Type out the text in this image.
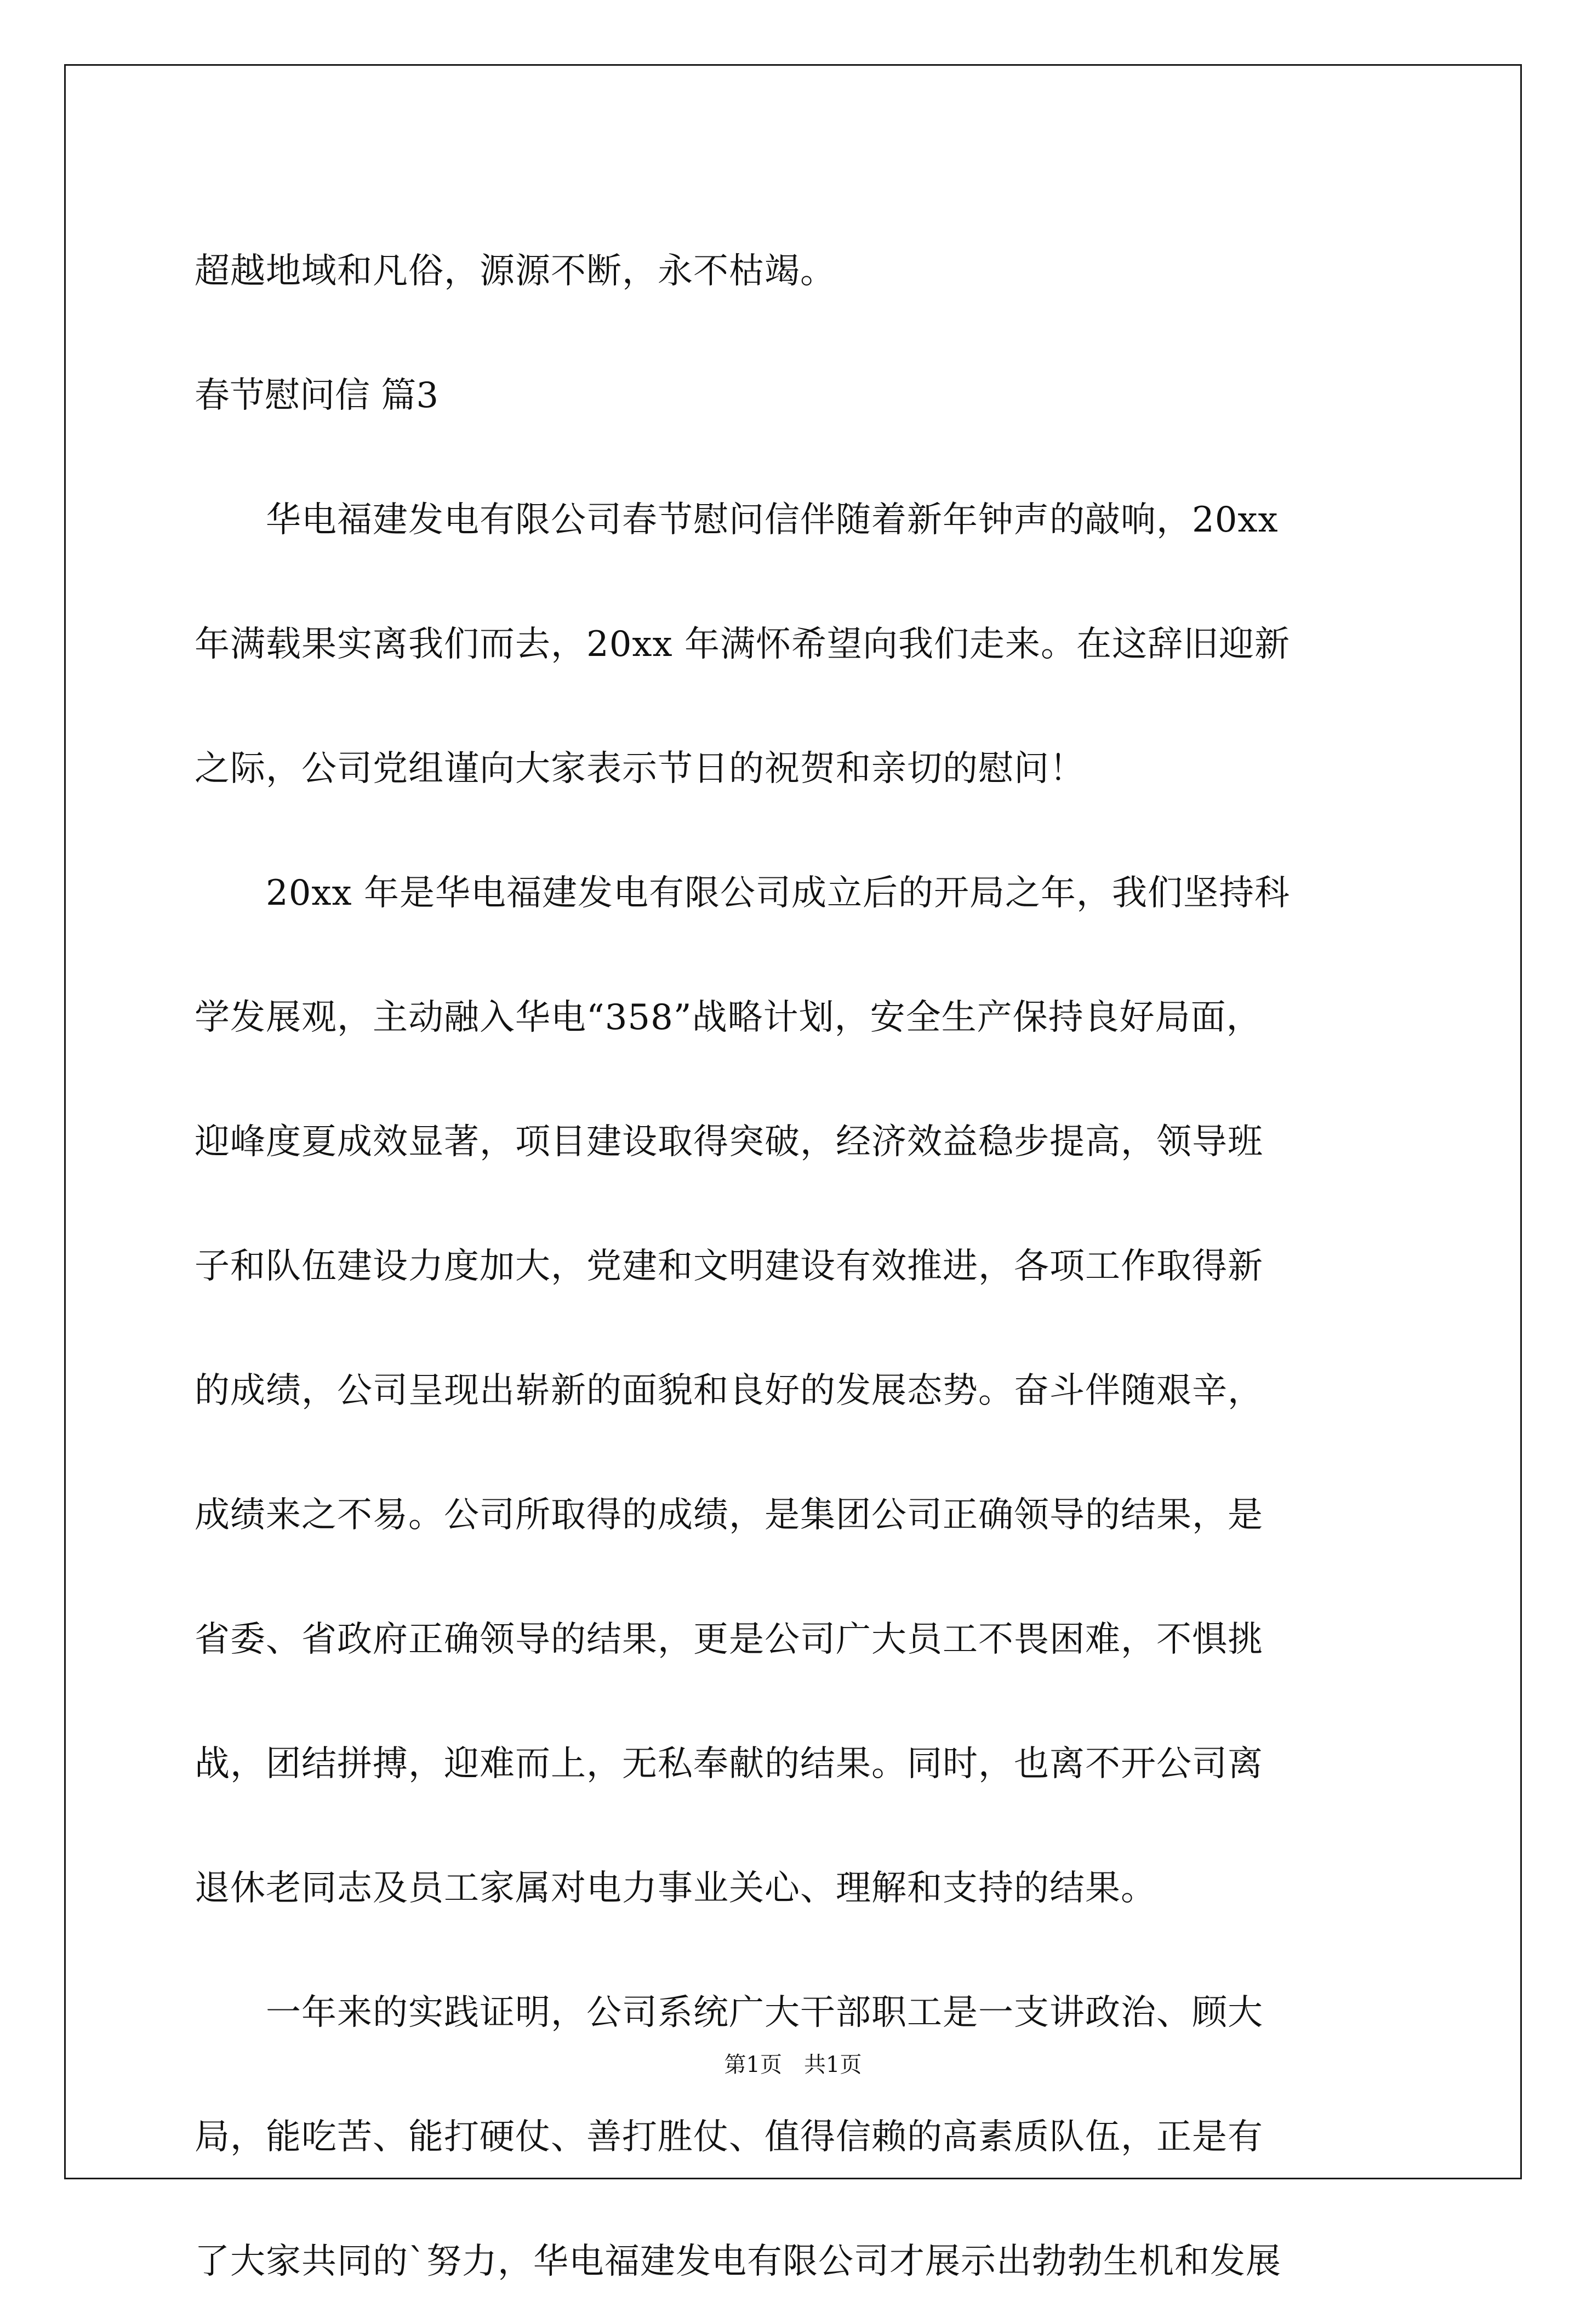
超越地域和凡俗，源源不断，永不枯竭。
春节慰问信 篇3
　　华电福建发电有限公司春节慰问信伴随着新年钟声的敲响，20xx
年满载果实离我们而去，20xx 年满怀希望向我们走来。在这辞旧迎新
之际，公司党组谨向大家表示节日的祝贺和亲切的慰问！
　　20xx 年是华电福建发电有限公司成立后的开局之年，我们坚持科
学发展观，主动融入华电“358”战略计划，安全生产保持良好局面，
迎峰度夏成效显著，项目建设取得突破，经济效益稳步提高，领导班
子和队伍建设力度加大，党建和文明建设有效推进，各项工作取得新
的成绩，公司呈现出崭新的面貌和良好的发展态势。奋斗伴随艰辛，
成绩来之不易。公司所取得的成绩，是集团公司正确领导的结果，是
省委、省政府正确领导的结果，更是公司广大员工不畏困难，不惧挑
战，团结拼搏，迎难而上，无私奉献的结果。同时，也离不开公司离
退休老同志及员工家属对电力事业关心、理解和支持的结果。
　　一年来的实践证明，公司系统广大干部职工是一支讲政治、顾大
局，能吃苦、能打硬仗、善打胜仗、值得信赖的高素质队伍，正是有
了大家共同的`努力，华电福建发电有限公司才展示出勃勃生机和发展
第1页　共1页
